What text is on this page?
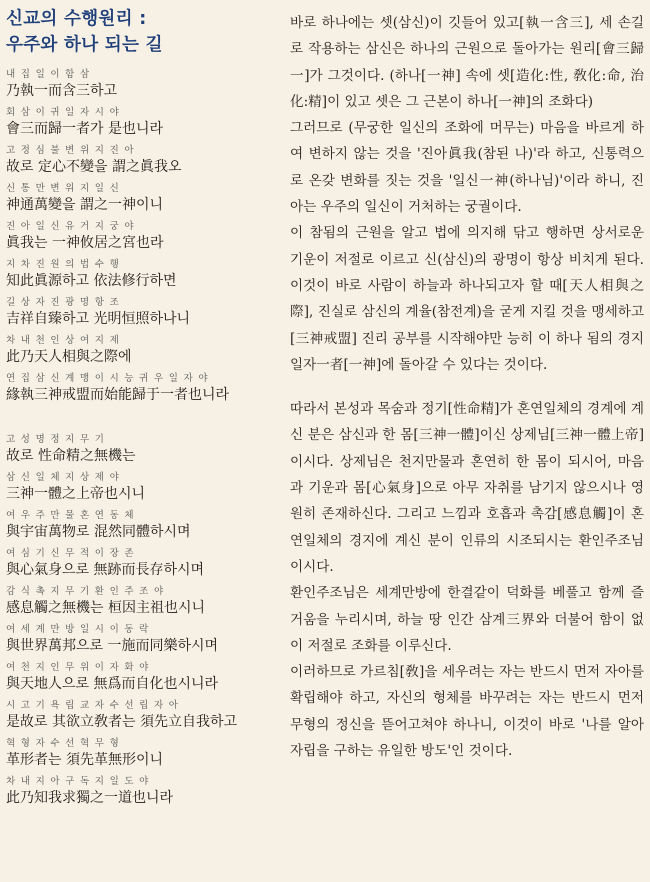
신교의 수행원리 :
우주와 하나 되는 길
내 집 일 이 함 삼
乃執一而含三하고
회 삼 이 귀 일 자 시 야
會三而歸一者가 是也니라
고 정 심 불 변 위 지 진 아
故로 定心不變을 謂之眞我오
신 통 만 변 위 지 일 신
神通萬變을 謂之一神이니
진 아 일 신 유 거 지 궁 야
眞我는 一神攸居之宮也라
지 차 진 원 의 법 수 행
知此眞源하고 依法修行하면
길 상 자 진 광 명 항 조
吉祥自臻하고 光明恒照하나니
차 내 천 인 상 여 지 제
此乃天人相與之際에
연 집 삼 신 계 맹 이 시 능 귀 우 일 자 야
緣執三神戒盟而始能歸于一者也니라
고 성 명 정 지 무 기
故로 性命精之無機는
삼 신 일 체 지 상 제 야
三神一體之上帝也시니
여 우 주 만 물 혼 연 동 체
與宇宙萬物로 混然同體하시며
여 심 기 신 무 적 이 장 존
與心氣身으로 無跡而長存하시며
감 식 촉 지 무 기 환 인 주 조 야
感息觸之無機는 桓因主祖也시니
여 세 계 만 방 일 시 이 동 락
與世界萬邦으로 一施而同樂하시며
여 천 지 인 무 위 이 자 화 야
與天地人으로 無爲而自化也시니라
시 고 기 욕 립 교 자 수 선 립 자 아
是故로 其欲立敎者는 須先立自我하고
혁 형 자 수 선 혁 무 형
革形者는 須先革無形이니
차 내 지 아 구 독 지 일 도 야
此乃知我求獨之一道也니라

바로 하나에는 셋(삼신)이 깃들어 있고[執一含三], 세 손길로 작용하는 삼신은 하나의 근원으로 돌아가는 원리[會三歸一]가 그것이다. (하나[一神] 속에 셋[造化:性, 敎化:命, 治化:精]이 있고 셋은 그 근본이 하나[一神]의 조화다)

그러므로 (무궁한 일신의 조화에 머무는) 마음을 바르게 하여 변하지 않는 것을 '진아眞我(참된 나)'라 하고, 신통력으로 온갖 변화를 짓는 것을 '일신一神(하나님)'이라 하니, 진아는 우주의 일신이 거처하는 궁궐이다.

이 참됨의 근원을 알고 법에 의지해 닦고 행하면 상서로운 기운이 저절로 이르고 신(삼신)의 광명이 항상 비치게 된다. 이것이 바로 사람이 하늘과 하나되고자 할 때[天人相與之際], 진실로 삼신의 계율(참전계)을 굳게 지킬 것을 맹세하고[三神戒盟] 진리 공부를 시작해야만 능히 이 하나 됨의 경지 일자一者[一神]에 돌아갈 수 있다는 것이다.

따라서 본성과 목숨과 정기[性命精]가 혼연일체의 경계에 계신 분은 삼신과 한 몸[三神一體]이신 상제님[三神一體上帝]이시다. 상제님은 천지만물과 혼연히 한 몸이 되시어, 마음과 기운과 몸[心氣身]으로 아무 자취를 남기지 않으시나 영원히 존재하신다. 그리고 느낌과 호흡과 촉감[感息觸]이 혼연일체의 경지에 계신 분이 인류의 시조되시는 환인주조님이시다.

환인주조님은 세계만방에 한결같이 덕화를 베풀고 함께 즐거움을 누리시며, 하늘 땅 인간 삼계三界와 더불어 함이 없이 저절로 조화를 이루신다.

이러하므로 가르침[敎]을 세우려는 자는 반드시 먼저 자아를 확립해야 하고, 자신의 형체를 바꾸려는 자는 반드시 먼저 무형의 정신을 뜯어고쳐야 하나니, 이것이 바로 '나를 알아 자립을 구하는 유일한 방도'인 것이다.
